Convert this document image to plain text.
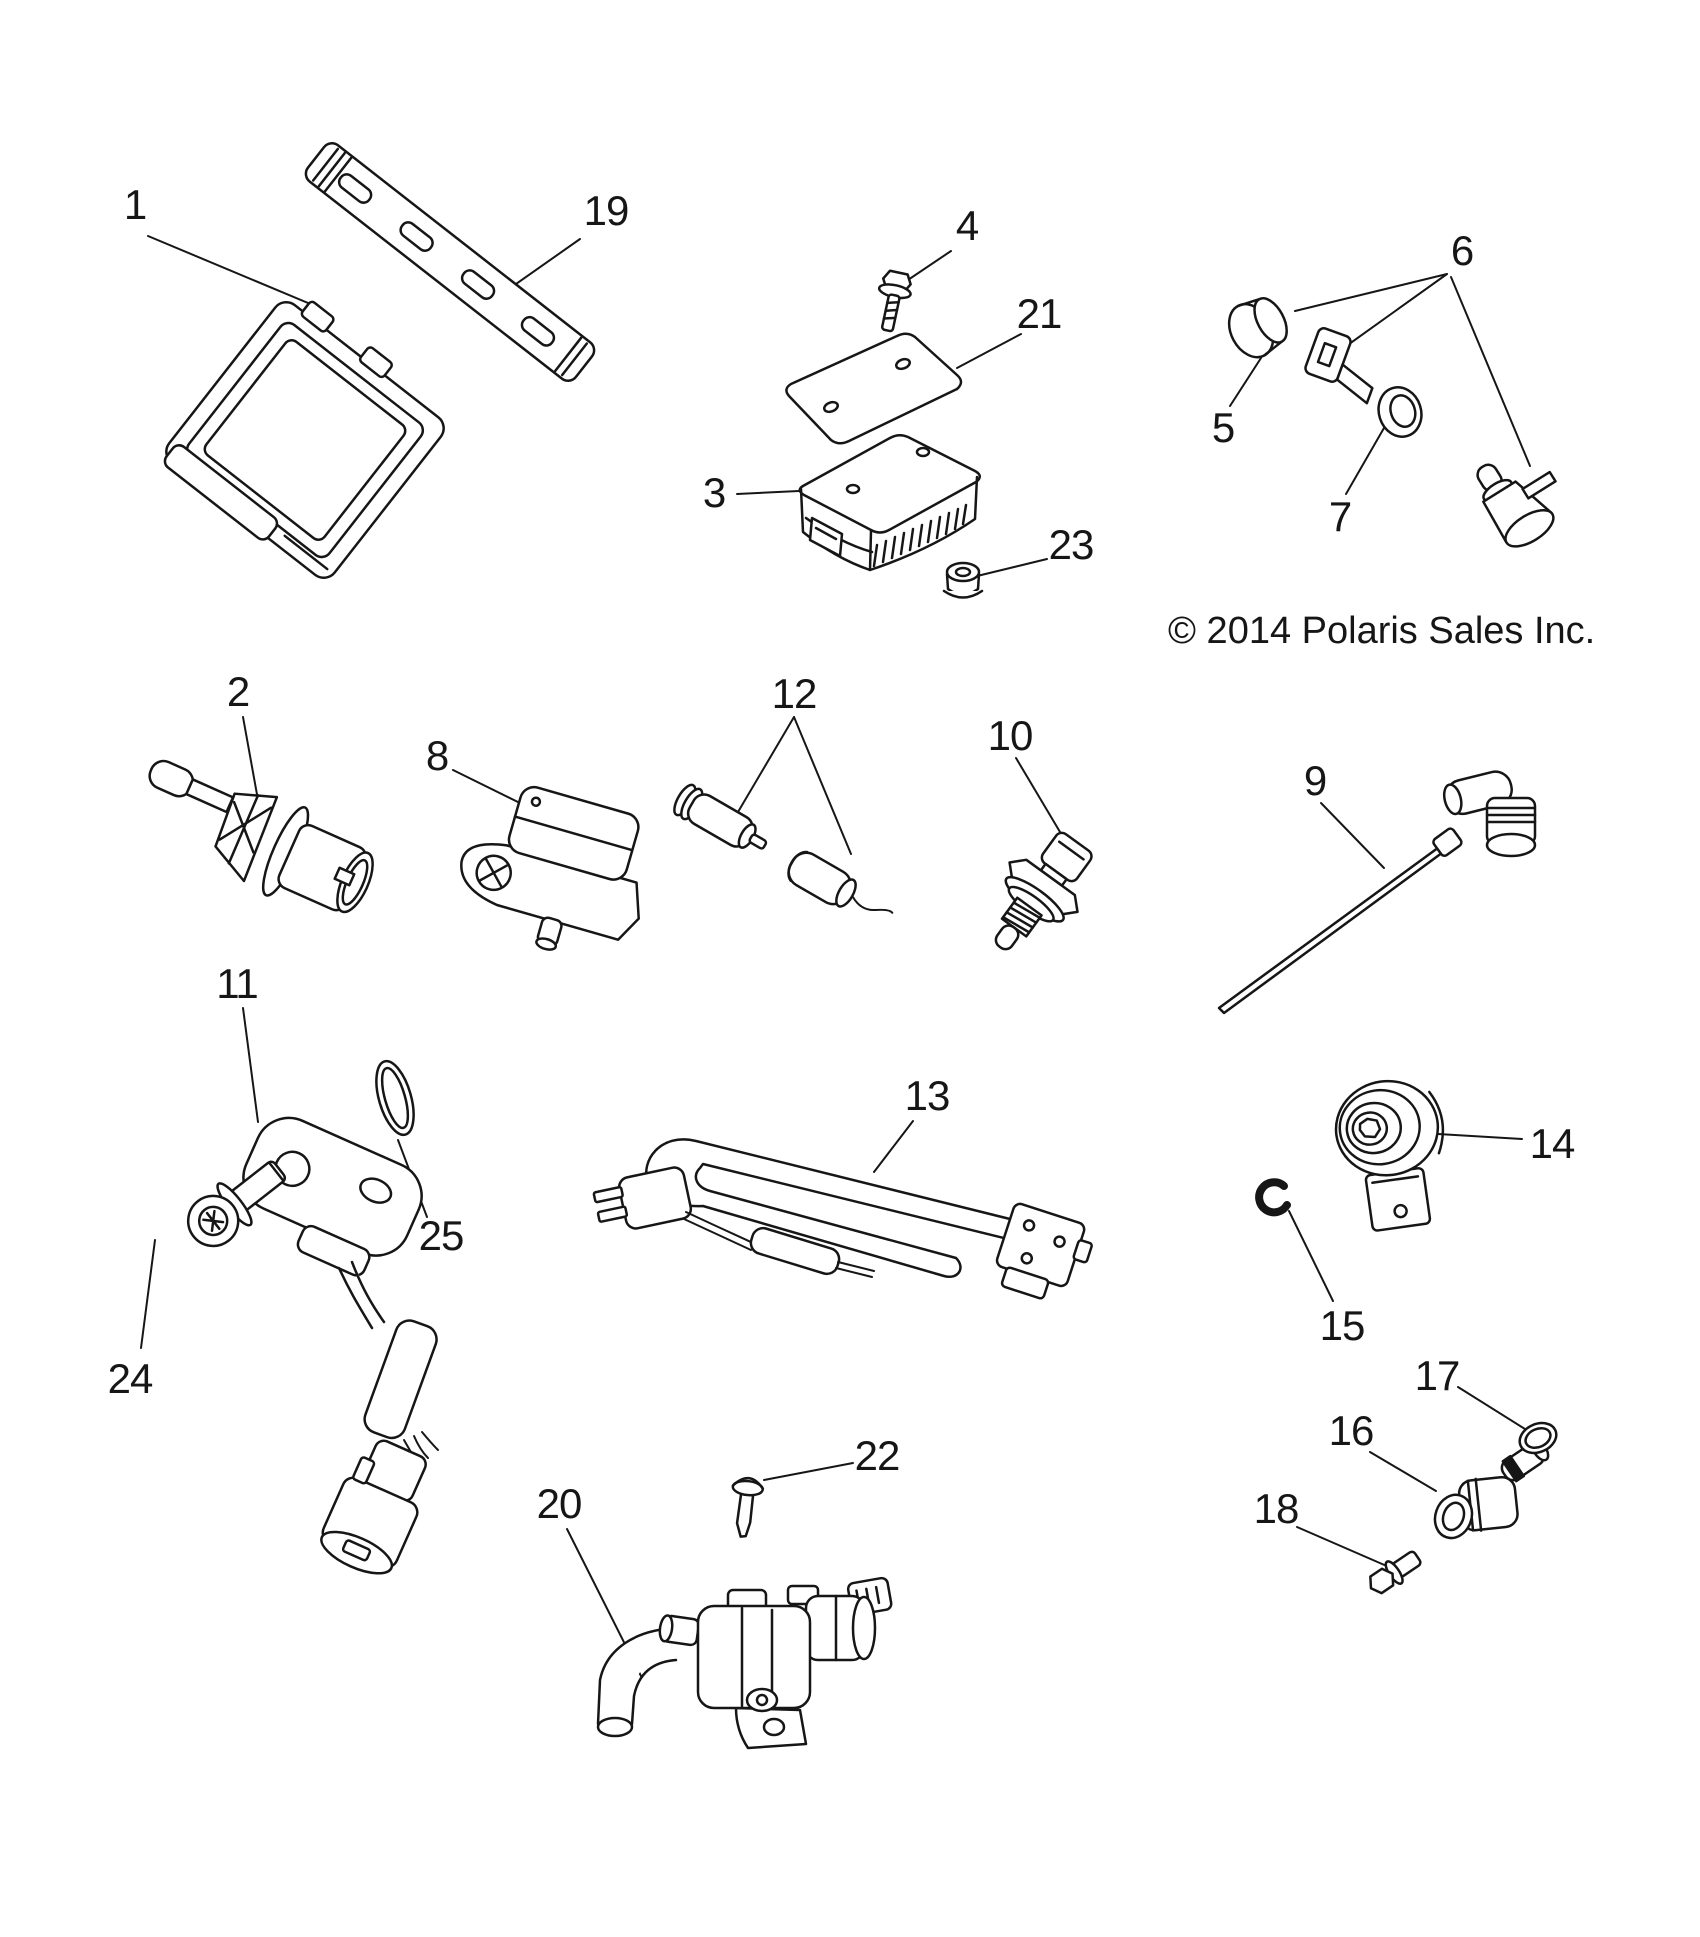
1
2
3
4
5
6
7
8
9
10
11
12
13
14
15
16
17
18
19
20
21
22
23
24
25
© 2014 Polaris Sales Inc.
